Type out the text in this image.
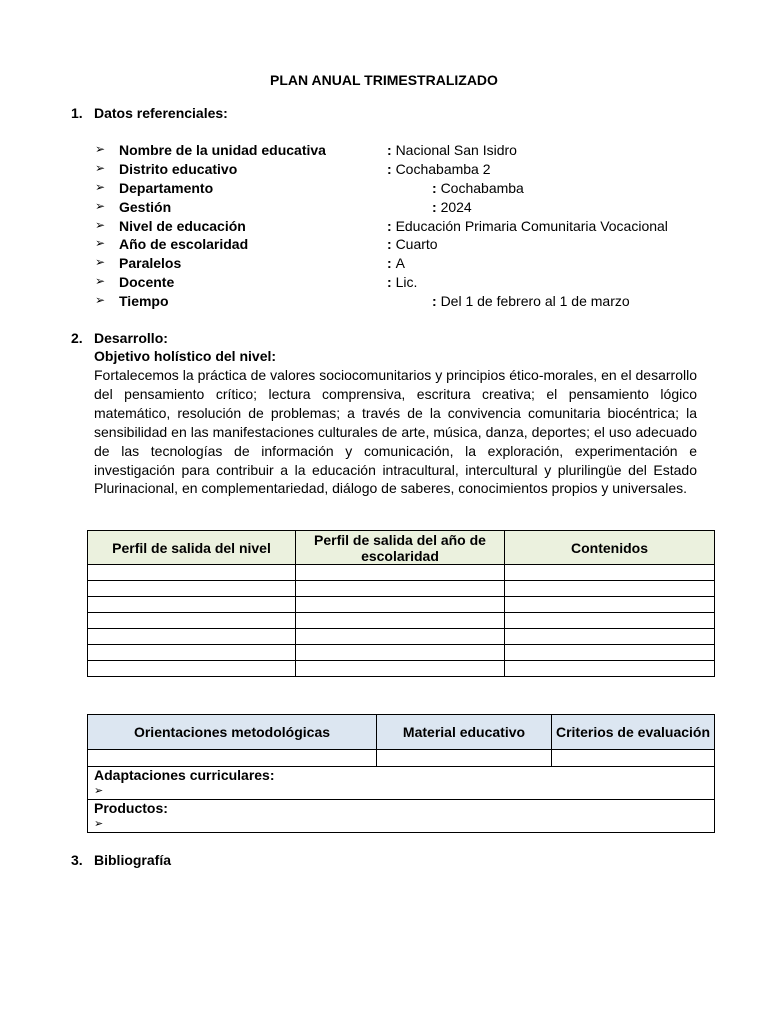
PLAN ANUAL TRIMESTRALIZADO
1. Datos referenciales:
➢ Nombre de la unidad educativa	: Nacional San Isidro
➢ Distrito educativo	: Cochabamba 2
➢ Departamento	: Cochabamba
➢ Gestión	: 2024
➢ Nivel de educación	: Educación Primaria Comunitaria Vocacional
➢ Año de escolaridad	: Cuarto
➢ Paralelos	: A
➢ Docente	: Lic.
➢ Tiempo	: Del 1 de febrero al 1 de marzo
2. Desarrollo:
Objetivo holístico del nivel:
Fortalecemos la práctica de valores sociocomunitarios y principios ético-morales, en el desarrollo del pensamiento crítico; lectura comprensiva, escritura creativa; el pensamiento lógico matemático, resolución de problemas; a través de la convivencia comunitaria biocéntrica; la sensibilidad en las manifestaciones culturales de arte, música, danza, deportes; el uso adecuado de las tecnologías de información y comunicación, la exploración, experimentación e investigación para contribuir a la educación intracultural, intercultural y plurilingüe del Estado Plurinacional, en complementariedad, diálogo de saberes, conocimientos propios y universales.
Perfil de salida del nivel	Perfil de salida del año de escolaridad	Contenidos

Orientaciones metodológicas	Material educativo	Criterios de evaluación

Adaptaciones curriculares:
➢		

Productos:
➢		
3. Bibliografía
